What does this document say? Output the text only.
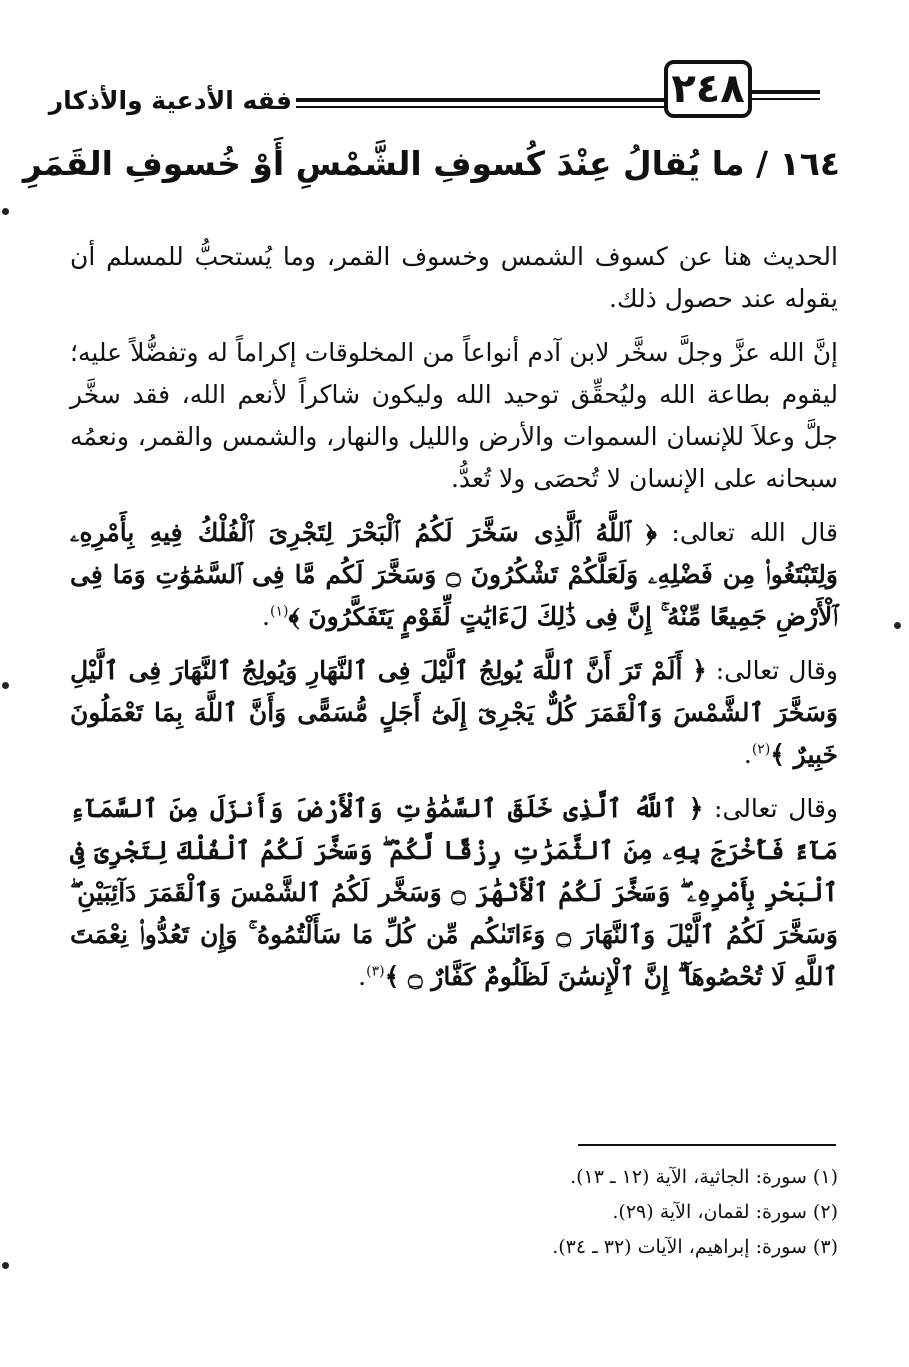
٢٤٨
فقه الأدعية والأذكار
١٦٤ / ما يُقالُ عِنْدَ كُسوفِ الشَّمْسِ أَوْ خُسوفِ القَمَرِ

الحديث هنا عن كسوف الشمس وخسوف القمر، وما يُستحبُّ للمسلم أن يقوله عند حصول ذلك.

إنَّ الله عزَّ وجلَّ سخَّر لابن آدم أنواعاً من المخلوقات إكراماً له وتفضُّلاً عليه؛ ليقوم بطاعة الله وليُحقِّق توحيد الله وليكون شاكراً لأنعم الله، فقد سخَّر جلَّ وعلاَ للإنسان السموات والأرض والليل والنهار، والشمس والقمر، ونعمُه سبحانه على الإنسان لا تُحصَى ولا تُعدُّ.

قال الله تعالى: ﴿ ٱللَّهُ ٱلَّذِى سَخَّرَ لَكُمُ ٱلْبَحْرَ لِتَجْرِىَ ٱلْفُلْكُ فِيهِ بِأَمْرِهِۦ وَلِتَبْتَغُوا۟ مِن فَضْلِهِۦ وَلَعَلَّكُمْ تَشْكُرُونَ ۝ وَسَخَّرَ لَكُم مَّا فِى ٱلسَّمَٰوَٰتِ وَمَا فِى ٱلْأَرْضِ جَمِيعًا مِّنْهُ ۚ إِنَّ فِى ذَٰلِكَ لَءَايَٰتٍ لِّقَوْمٍ يَتَفَكَّرُونَ ﴾$^{(١)}$.

وقال تعالى: ﴿ أَلَمْ تَرَ أَنَّ ٱللَّهَ يُولِجُ ٱلَّيْلَ فِى ٱلنَّهَارِ وَيُولِجُ ٱلنَّهَارَ فِى ٱلَّيْلِ وَسَخَّرَ ٱلشَّمْسَ وَٱلْقَمَرَ كُلٌّ يَجْرِىٓ إِلَىٰٓ أَجَلٍ مُّسَمًّى وَأَنَّ ٱللَّهَ بِمَا تَعْمَلُونَ خَبِيرٌ ﴾$^{(٢)}$.

وقال تعالى: ﴿ ٱللَّهُ ٱلَّذِى خَلَقَ ٱلسَّمَٰوَٰتِ وَٱلْأَرْضَ وَأَنزَلَ مِنَ ٱلسَّمَآءِ مَآءً فَأَخْرَجَ بِهِۦ مِنَ ٱلثَّمَرَٰتِ رِزْقًا لَّكُمْ ۖ وَسَخَّرَ لَكُمُ ٱلْفُلْكَ لِتَجْرِىَ فِى ٱلْبَحْرِ بِأَمْرِهِۦ ۖ وَسَخَّرَ لَكُمُ ٱلْأَنْهَٰرَ ۝ وَسَخَّر لَكُمُ ٱلشَّمْسَ وَٱلْقَمَرَ دَآئِبَيْنِ ۖ وَسَخَّرَ لَكُمُ ٱلَّيْلَ وَٱلنَّهَارَ ۝ وَءَاتَىٰكُم مِّن كُلِّ مَا سَأَلْتُمُوهُ ۚ وَإِن تَعُدُّوا۟ نِعْمَتَ ٱللَّهِ لَا تُحْصُوهَآ ۗ إِنَّ ٱلْإِنسَٰنَ لَظَلُومٌ كَفَّارٌ ۝ ﴾$^{(٣)}$.

(١) سورة: الجاثية، الآية (١٢ ـ ١٣).
(٢) سورة: لقمان، الآية (٢٩).
(٣) سورة: إبراهيم، الآيات (٣٢ ـ ٣٤).
